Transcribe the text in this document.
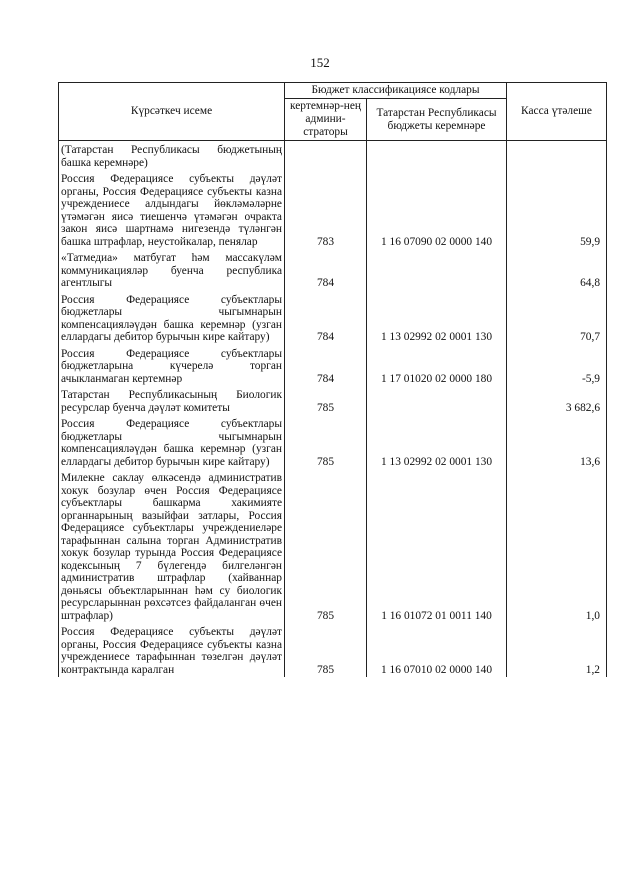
152
Күрсәткеч исеме	Бюджет классификациясе кодлары		Касса үтәлеше
	кертемнәр-нең админи-страторы	Татарстан Республикасы бюджеты керемнәре	
(Татарстан Республикасы бюджетының башка керемнәре)			
Россия Федерациясе субъекты дәүләт органы, Россия Федерациясе субъекты казна учреждениесе алдындагы йөкләмәләрне үтәмәгән яисә тиешенчә үтәмәгән очракта закон яисә шартнамә нигезендә түләнгән башка штрафлар, неустойкалар, пенялар	783	1 16 07090 02 0000 140	59,9
«Татмедиа» матбугат һәм массакүләм коммуникацияләр буенча республика агентлыгы	784		64,8
Россия Федерациясе субъектлары бюджетлары чыгымнарын компенсацияләүдән башка керемнәр (узган еллардагы дебитор бурычын кире кайтару)	784	1 13 02992 02 0001 130	70,7
Россия Федерациясе субъектлары бюджетларына күчерелә торган ачыкланмаган кертемнәр	784	1 17 01020 02 0000 180	-5,9
Татарстан Республикасының Биологик ресурслар буенча дәүләт комитеты	785		3 682,6
Россия Федерациясе субъектлары бюджетлары чыгымнарын компенсацияләүдән башка керемнәр (узган еллардагы дебитор бурычын кире кайтару)	785	1 13 02992 02 0001 130	13,6
Милекне саклау өлкәсендә административ хокук бозулар өчен Россия Федерациясе субъектлары башкарма хакимияте органнарының вазыйфаи затлары, Россия Федерациясе субъектлары учреждениеләре тарафыннан салына торган Административ хокук бозулар турында Россия Федерациясе кодексының 7 бүлегендә билгеләнгән административ штрафлар (хайваннар дөньясы объектларыннан һәм су биологик ресурсларыннан рөхсәтсез файдаланган өчен штрафлар)	785	1 16 01072 01 0011 140	1,0
Россия Федерациясе субъекты дәүләт органы, Россия Федерациясе субъекты казна учреждениесе тарафыннан төзелгән дәүләт контрактында каралган	785	1 16 07010 02 0000 140	1,2
